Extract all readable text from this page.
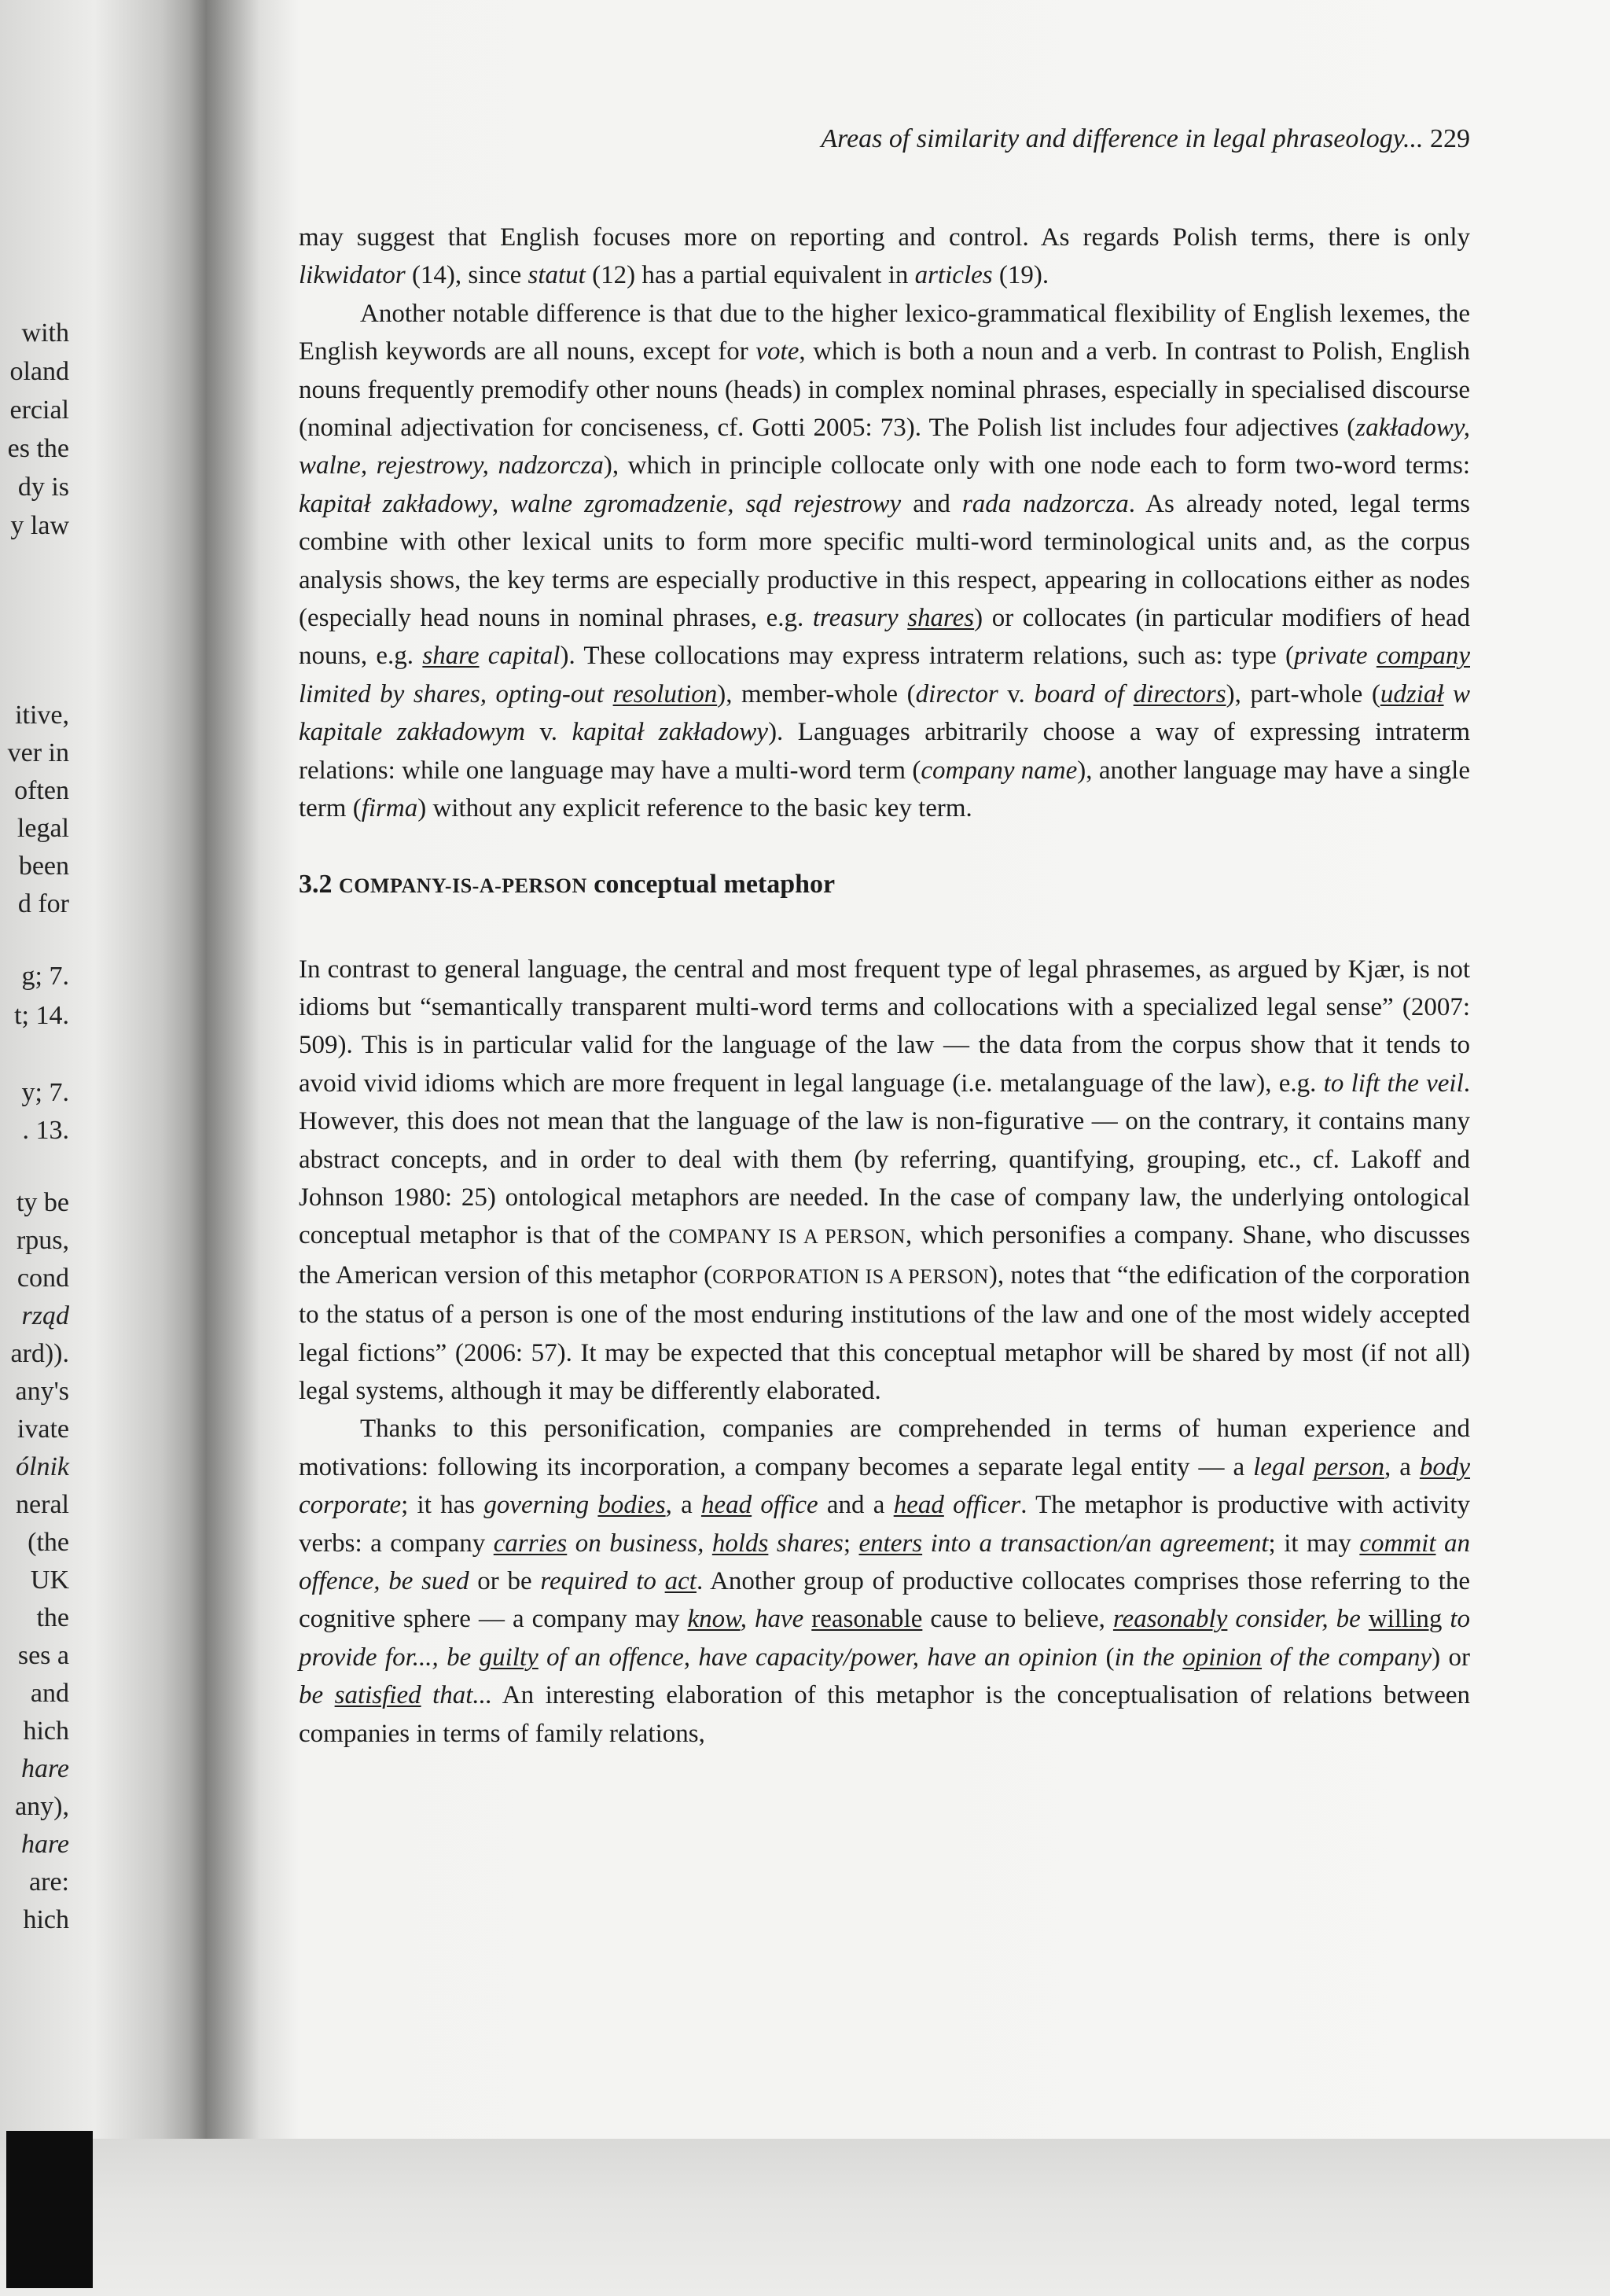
with
oland
ercial
es the
dy is
y law
itive,
ver in
often
legal
been
d for
g; 7.
t; 14.
y; 7.
. 13.
ty be
rpus,
cond
rząd
ard)).
any's
ivate
ólnik
neral
(the
UK
the
ses a
and
hich
hare
any),
hare
are:
hich
Areas of similarity and difference in legal phraseology... 229

may suggest that English focuses more on reporting and control. As regards Polish terms, there is only likwidator (14), since statut (12) has a partial equivalent in articles (19).

Another notable difference is that due to the higher lexico-grammatical flexibility of English lexemes, the English keywords are all nouns, except for vote, which is both a noun and a verb. In contrast to Polish, English nouns frequently premodify other nouns (heads) in complex nominal phrases, especially in specialised discourse (nominal adjectivation for conciseness, cf. Gotti 2005: 73). The Polish list includes four adjectives (zakładowy, walne, rejestrowy, nadzorcza), which in principle collocate only with one node each to form two-word terms: kapitał zakładowy, walne zgromadzenie, sąd rejestrowy and rada nadzorcza. As already noted, legal terms combine with other lexical units to form more specific multi-word terminological units and, as the corpus analysis shows, the key terms are especially productive in this respect, appearing in collocations either as nodes (especially head nouns in nominal phrases, e.g. treasury shares) or collocates (in particular modifiers of head nouns, e.g. share capital). These collocations may express intraterm relations, such as: type (private company limited by shares, opting-out resolution), member-whole (director v. board of directors), part-whole (udział w kapitale zakładowym v. kapitał zakładowy). Languages arbitrarily choose a way of expressing intraterm relations: while one language may have a multi-word term (company name), another language may have a single term (firma) without any explicit reference to the basic key term.

3.2 COMPANY-IS-A-PERSON conceptual metaphor

In contrast to general language, the central and most frequent type of legal phrasemes, as argued by Kjær, is not idioms but “semantically transparent multi-word terms and collocations with a specialized legal sense” (2007: 509). This is in particular valid for the language of the law — the data from the corpus show that it tends to avoid vivid idioms which are more frequent in legal language (i.e. metalanguage of the law), e.g. to lift the veil. However, this does not mean that the language of the law is non-figurative — on the contrary, it contains many abstract concepts, and in order to deal with them (by referring, quantifying, grouping, etc., cf. Lakoff and Johnson 1980: 25) ontological metaphors are needed. In the case of company law, the underlying ontological conceptual metaphor is that of the COMPANY IS A PERSON, which personifies a company. Shane, who discusses the American version of this metaphor (CORPORATION IS A PERSON), notes that “the edification of the corporation to the status of a person is one of the most enduring institutions of the law and one of the most widely accepted legal fictions” (2006: 57). It may be expected that this conceptual metaphor will be shared by most (if not all) legal systems, although it may be differently elaborated.

Thanks to this personification, companies are comprehended in terms of human experience and motivations: following its incorporation, a company becomes a separate legal entity — a legal person, a body corporate; it has governing bodies, a head office and a head officer. The metaphor is productive with activity verbs: a company carries on business, holds shares; enters into a transaction/an agreement; it may commit an offence, be sued or be required to act. Another group of productive collocates comprises those referring to the cognitive sphere — a company may know, have reasonable cause to believe, reasonably consider, be willing to provide for..., be guilty of an offence, have capacity/power, have an opinion (in the opinion of the company) or be satisfied that... An interesting elaboration of this metaphor is the conceptualisation of relations between companies in terms of family relations,
